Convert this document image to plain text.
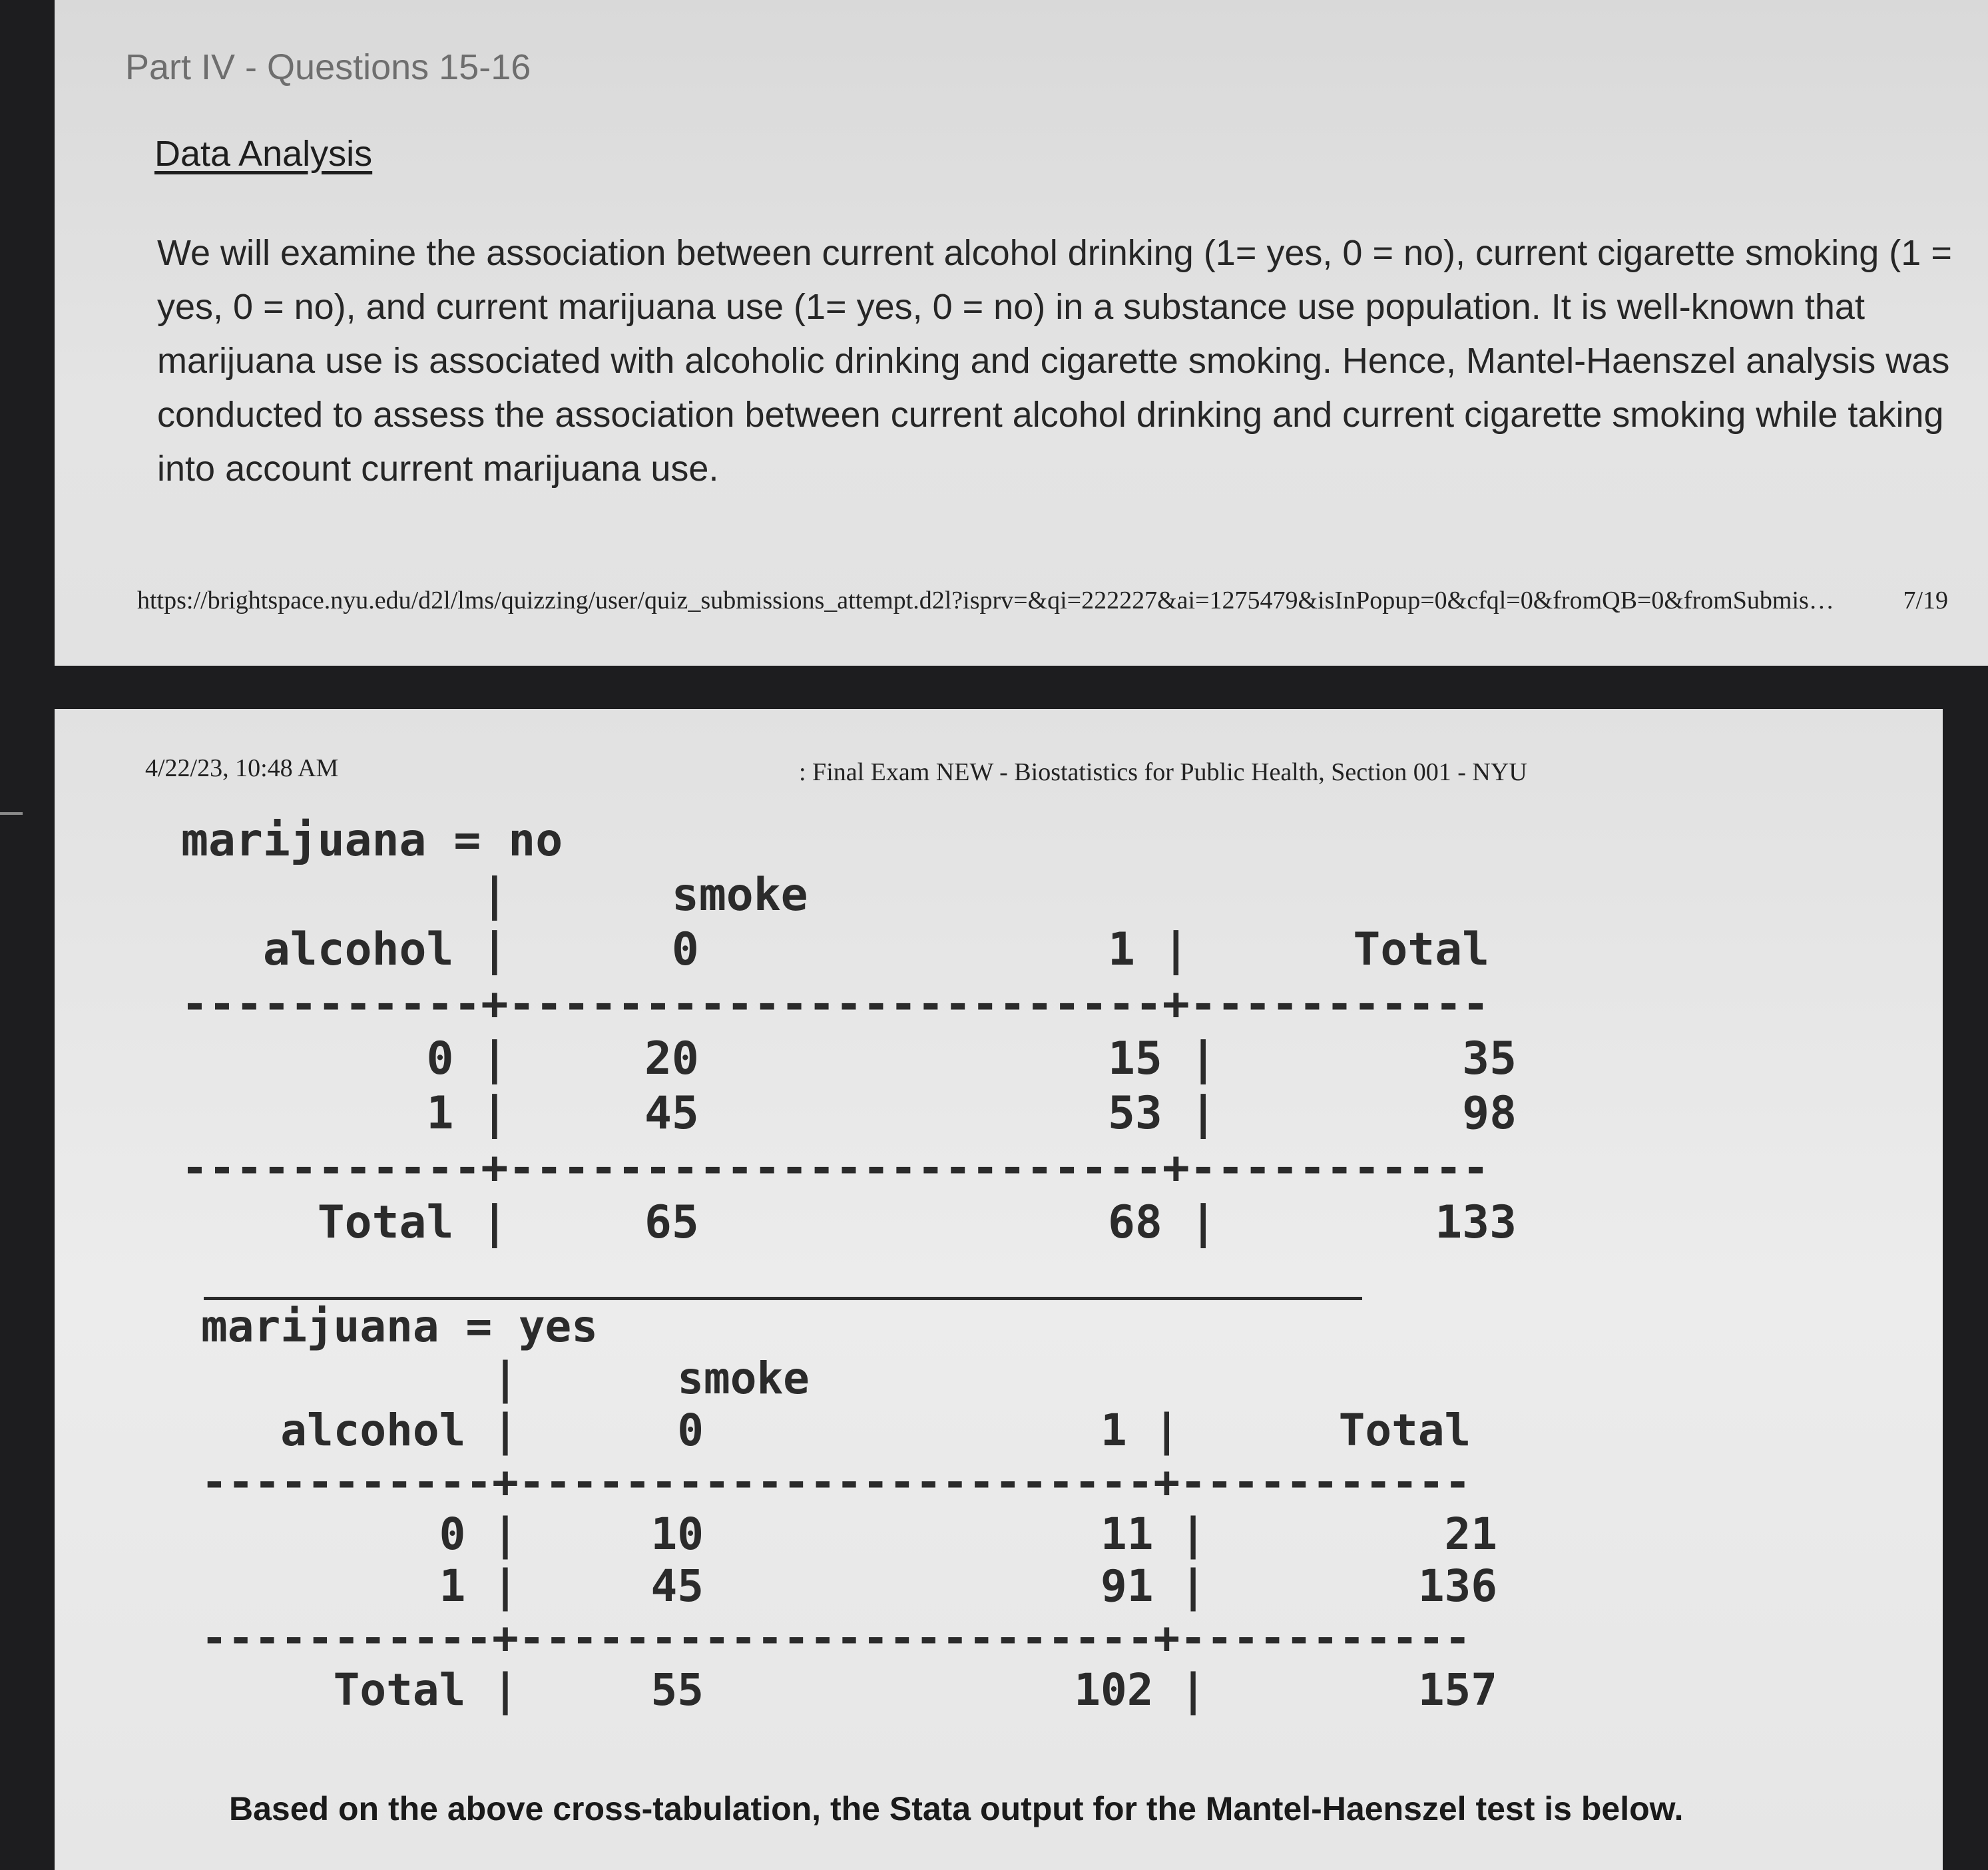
Part IV - Questions 15-16
Data Analysis
We will examine the association between current alcohol drinking (1= yes, 0 = no), current cigarette smoking (1 =
yes, 0 = no), and current marijuana use (1= yes, 0 = no) in a substance use population. It is well-known that
marijuana use is associated with alcoholic drinking and cigarette smoking. Hence, Mantel-Haenszel analysis was
conducted to assess the association between current alcohol drinking and current cigarette smoking while taking
into account current marijuana use.
https://brightspace.nyu.edu/d2l/lms/quizzing/user/quiz_submissions_attempt.d2l?isprv=&qi=222227&ai=1275479&isInPopup=0&cfql=0&fromQB=0&fromSubmis…	7/19
4/22/23, 10:48 AM	: Final Exam NEW - Biostatistics for Public Health, Section 001 - NYU
marijuana = no
|      smoke
alcohol |      0               1 |      Total
-----------+------------------------+-----------
0 |     20               15 |         35
1 |     45               53 |         98
-----------+------------------------+-----------
Total |     65               68 |        133
marijuana = yes
|      smoke
alcohol |      0               1 |      Total
-----------+------------------------+-----------
0 |     10               11 |         21
1 |     45               91 |        136
-----------+------------------------+-----------
Total |     55              102 |        157
Based on the above cross-tabulation, the Stata output for the Mantel-Haenszel test is below.
